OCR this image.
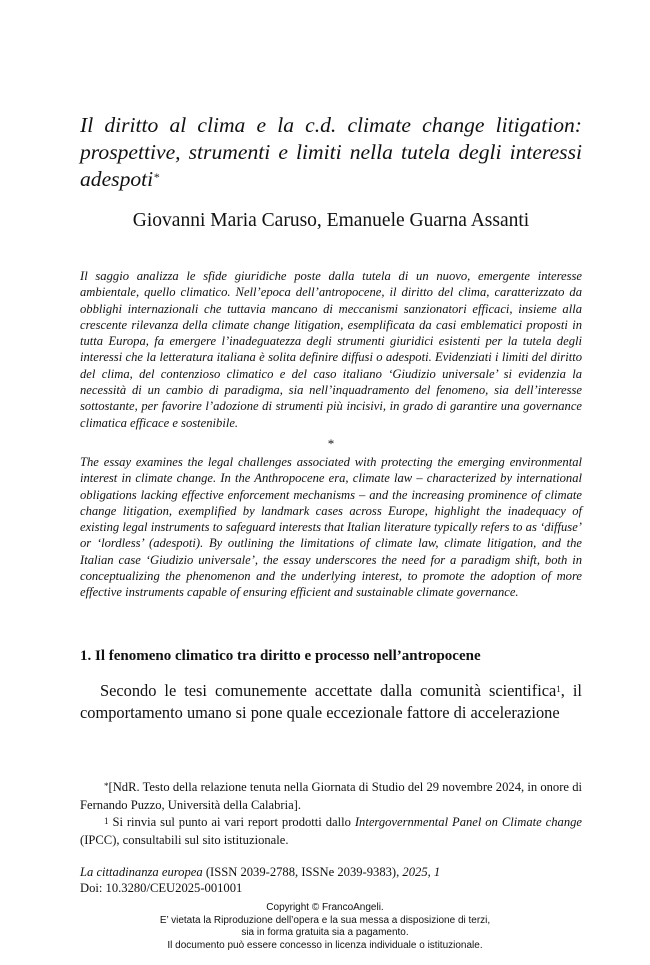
Il diritto al clima e la c.d. climate change litigation: prospettive, strumenti e limiti nella tutela degli interessi adespoti*
Giovanni Maria Caruso, Emanuele Guarna Assanti

Il saggio analizza le sfide giuridiche poste dalla tutela di un nuovo, emergente interesse ambientale, quello climatico. Nell’epoca dell’antropocene, il diritto del clima, caratterizzato da obblighi internazionali che tuttavia mancano di meccanismi sanzionatori efficaci, insieme alla crescente rilevanza della climate change litigation, esemplificata da casi emblematici proposti in tutta Europa, fa emergere l’inadeguatezza degli strumenti giuridici esistenti per la tutela degli interessi che la letteratura italiana è solita definire diffusi o adespoti. Evidenziati i limiti del diritto del clima, del contenzioso climatico e del caso italiano ‘Giudizio universale’ si evidenzia la necessità di un cambio di paradigma, sia nell’inquadramento del fenomeno, sia dell’interesse sottostante, per favorire l’adozione di strumenti più incisivi, in grado di garantire una governance climatica efficace e sostenibile.

*

The essay examines the legal challenges associated with protecting the emerging environmental interest in climate change. In the Anthropocene era, climate law – characterized by international obligations lacking effective enforcement mechanisms – and the increasing prominence of climate change litigation, exemplified by landmark cases across Europe, highlight the inadequacy of existing legal instruments to safeguard interests that Italian literature typically refers to as ‘diffuse’ or ‘lordless’ (adespoti). By outlining the limitations of climate law, climate litigation, and the Italian case ‘Giudizio universale’, the essay underscores the need for a paradigm shift, both in conceptualizing the phenomenon and the underlying interest, to promote the adoption of more effective instruments capable of ensuring efficient and sustainable climate governance.

1. Il fenomeno climatico tra diritto e processo nell’antropocene

Secondo le tesi comunemente accettate dalla comunità scientifica$^1$, il comportamento umano si pone quale eccezionale fattore di accelerazione

*[NdR. Testo della relazione tenuta nella Giornata di Studio del 29 novembre 2024, in onore di Fernando Puzzo, Università della Calabria].

$^1$ Si rinvia sul punto ai vari report prodotti dallo Intergovernmental Panel on Climate change (IPCC), consultabili sul sito istituzionale.

La cittadinanza europea (ISSN 2039-2788, ISSNe 2039-9383), 2025, 1

Doi: 10.3280/CEU2025-001001

Copyright © FrancoAngeli.

E’ vietata la Riproduzione dell’opera e la sua messa a disposizione di terzi,

sia in forma gratuita sia a pagamento.

Il documento può essere concesso in licenza individuale o istituzionale.
